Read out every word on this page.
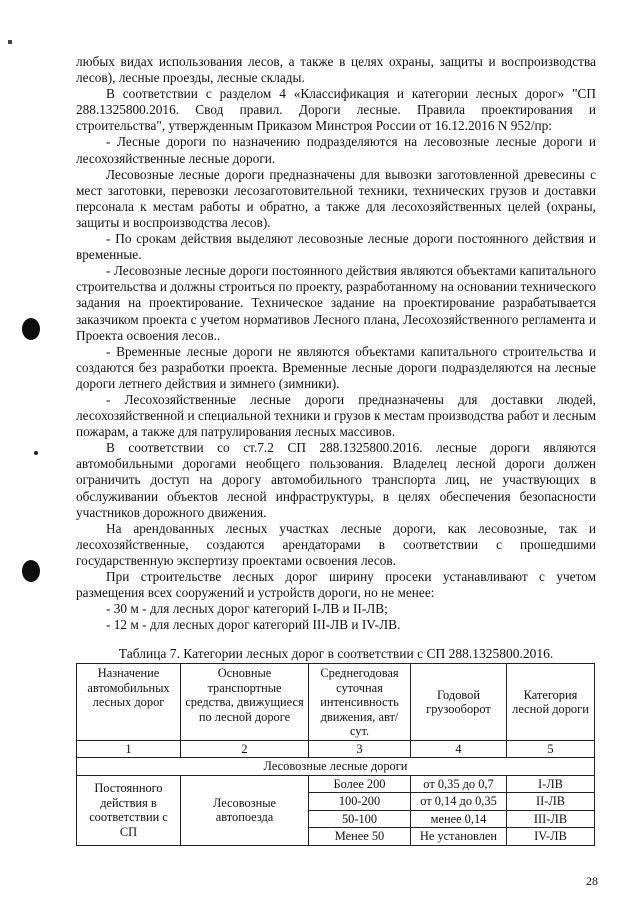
любых видах использования лесов, а также в целях охраны, защиты и воспроизводства лесов), лесные проезды, лесные склады.

В соответствии с разделом 4 «Классификация и категории лесных дорог» "СП 288.1325800.2016. Свод правил. Дороги лесные. Правила проектирования и строительства", утвержденным Приказом Минстроя России от 16.12.2016 N 952/пр:

- Лесные дороги по назначению подразделяются на лесовозные лесные дороги и лесохозяйственные лесные дороги.

Лесовозные лесные дороги предназначены для вывозки заготовленной древесины с мест заготовки, перевозки лесозаготовительной техники, технических грузов и доставки персонала к местам работы и обратно, а также для лесохозяйственных целей (охраны, защиты и воспроизводства лесов).

- По срокам действия выделяют лесовозные лесные дороги постоянного действия и временные.

- Лесовозные лесные дороги постоянного действия являются объектами капитального строительства и должны строиться по проекту, разработанному на основании технического задания на проектирование. Техническое задание на проектирование разрабатывается заказчиком проекта с учетом нормативов Лесного плана, Лесохозяйственного регламента и Проекта освоения лесов..

- Временные лесные дороги не являются объектами капитального строительства и создаются без разработки проекта. Временные лесные дороги подразделяются на лесные дороги летнего действия и зимнего (зимники).

- Лесохозяйственные лесные дороги предназначены для доставки людей, лесохозяйственной и специальной техники и грузов к местам производства работ и лесным пожарам, а также для патрулирования лесных массивов.

В соответствии со ст.7.2 СП 288.1325800.2016. лесные дороги являются автомобильными дорогами необщего пользования. Владелец лесной дороги должен ограничить доступ на дорогу автомобильного транспорта лиц, не участвующих в обслуживании объектов лесной инфраструктуры, в целях обеспечения безопасности участников дорожного движения.

На арендованных лесных участках лесные дороги, как лесовозные, так и лесохозяйственные, создаются арендаторами в соответствии с прошедшими государственную экспертизу проектами освоения лесов.

При строительстве лесных дорог ширину просеки устанавливают с учетом размещения всех сооружений и устройств дороги, но не менее:

- 30 м - для лесных дорог категорий I-ЛВ и II-ЛВ;

- 12 м - для лесных дорог категорий III-ЛВ и IV-ЛВ.

Таблица 7. Категории лесных дорог в соответствии с СП 288.1325800.2016.
Назначение автомобильных лесных дорог	Основные транспортные средства, движущиеся по лесной дороге	Среднегодовая суточная интенсивность движения, авт/сут.	Годовой грузооборот	Категория лесной дороги
1	2	3	4	5
Лесовозные лесные дороги				
Постоянного действия в соответствии с СП	Лесовозные автопоезда	Более 200	от 0,35 до 0,7	I-ЛВ
		100-200	от 0,14 до 0,35	II-ЛВ
		50-100	менее 0,14	III-ЛВ
		Менее 50	Не установлен	IV-ЛВ
28
